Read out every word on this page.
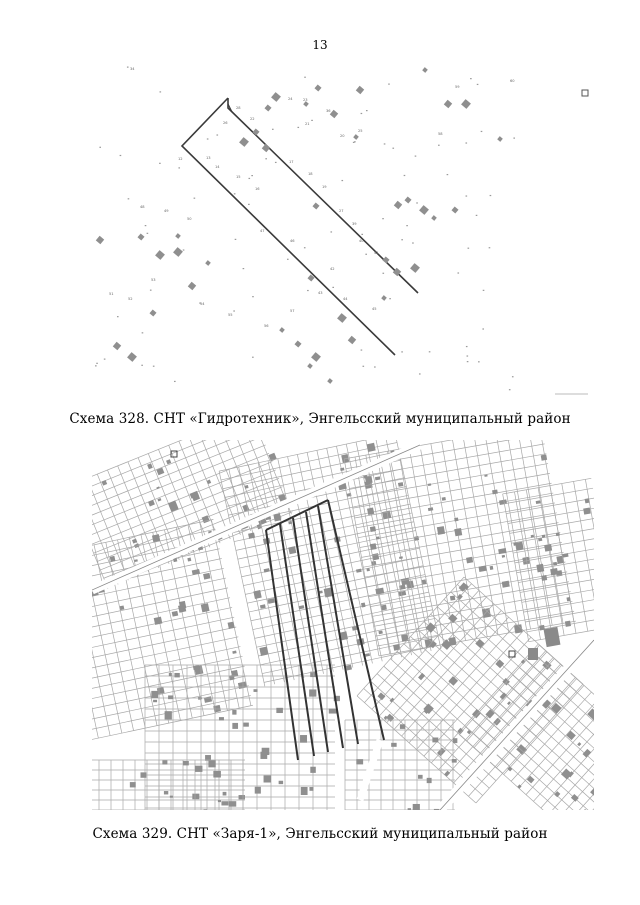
13
34
28
24	23
36
26
22
21
20
25
12	13
14
15
16
17
18
19
27
39
40
41
42
43
44
45
46
47
48
49
50
51
52
53
54
55
56
57
58
59
60
Схема 328. СНТ «Гидротехник», Энгельсский муниципальный район
Схема 329. СНТ «Заря-1», Энгельсский муниципальный район
